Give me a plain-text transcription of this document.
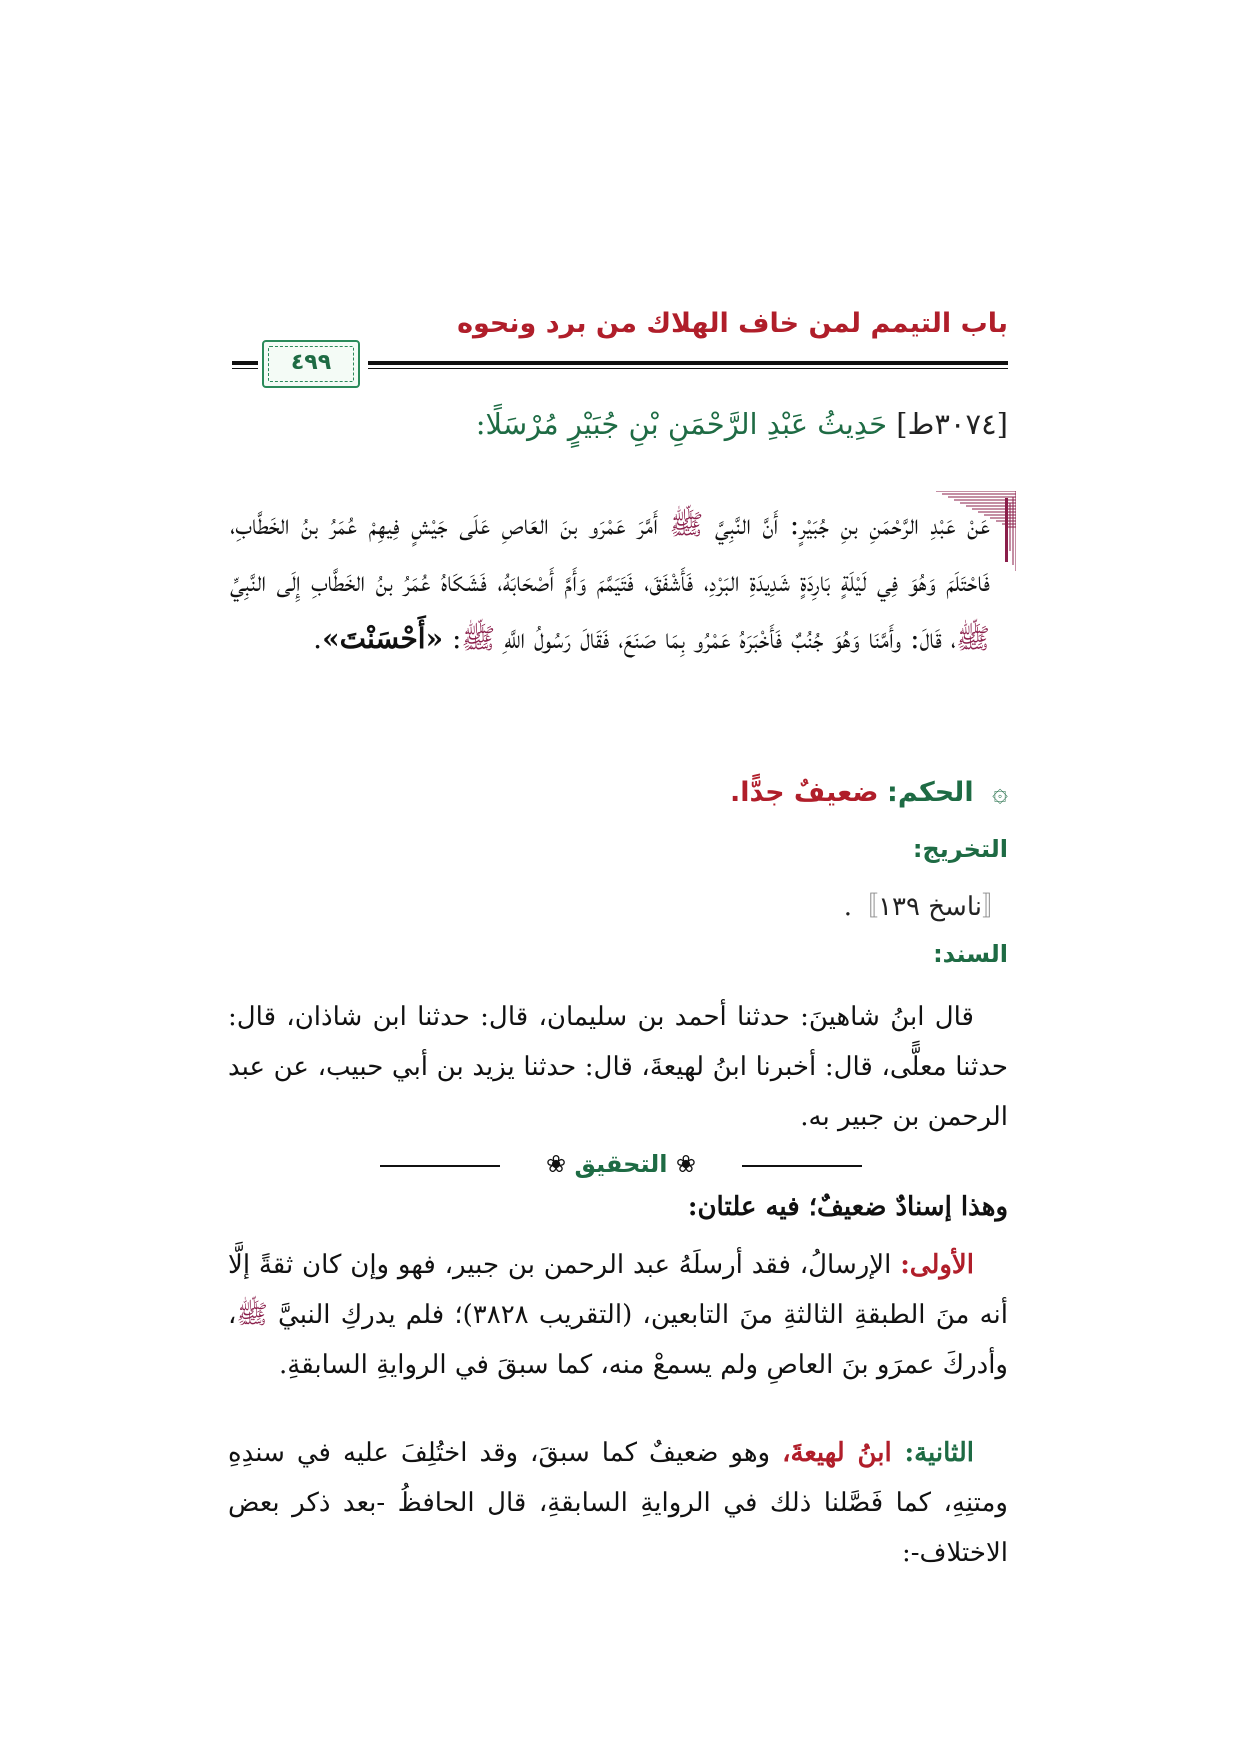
باب التيمم لمن خاف الهلاك من برد ونحوه
٤٩٩
[٣٠٧٤ط] حَدِيثُ عَبْدِ الرَّحْمَنِ بْنِ جُبَيْرٍ مُرْسَلًا:
عَنْ عَبْدِ الرَّحْمَنِ بنِ جُبَيْرٍ: أَنَّ النَّبِيَّ ﷺ أَمَّرَ عَمْرَو بنَ العَاصِ عَلَى جَيْشٍ فِيهِمْ عُمَرُ بنُ الخَطَّابِ، فَاحْتَلَمَ وَهُوَ فِي لَيْلَةٍ بَارِدَةٍ شَدِيدَةِ البَرْدِ، فَأَشْفَقَ، فَتَيَمَّمَ وَأَمَّ أَصْحَابَهُ، فَشَكَاهُ عُمَرُ بنُ الخَطَّابِ إِلَى النَّبِيِّ ﷺ، قَالَ: وأَمَّنَا وَهُوَ جُنُبٌ فَأَخْبَرَهُ عَمْرُو بِمَا صَنَعَ، فَقَالَ رَسُولُ اللَّهِ ﷺ: «أَحْسَنْتَ».
۞ الحكم: ضعيفٌ جدًّا.
التخريج:
〚ناسخ ١٣٩〛.
السند:
قال ابنُ شاهينَ: حدثنا أحمد بن سليمان، قال: حدثنا ابن شاذان، قال: حدثنا معلًّى، قال: أخبرنا ابنُ لهيعةَ، قال: حدثنا يزيد بن أبي حبيب، عن عبد الرحمن بن جبير به.
❀ التحقيق ❀
وهذا إسنادٌ ضعيفٌ؛ فيه علتان:
الأولى: الإرسالُ، فقد أرسلَهُ عبد الرحمن بن جبير، فهو وإن كان ثقةً إلَّا أنه منَ الطبقةِ الثالثةِ منَ التابعين، (التقريب ٣٨٢٨)؛ فلم يدركِ النبيَّ ﷺ، وأدركَ عمرَو بنَ العاصِ ولم يسمعْ منه، كما سبقَ في الروايةِ السابقةِ.
الثانية: ابنُ لهيعةَ، وهو ضعيفٌ كما سبقَ، وقد اختُلِفَ عليه في سندِهِ ومتنِهِ، كما فَصَّلنا ذلك في الروايةِ السابقةِ، قال الحافظُ -بعد ذكر بعض الاختلاف-:
